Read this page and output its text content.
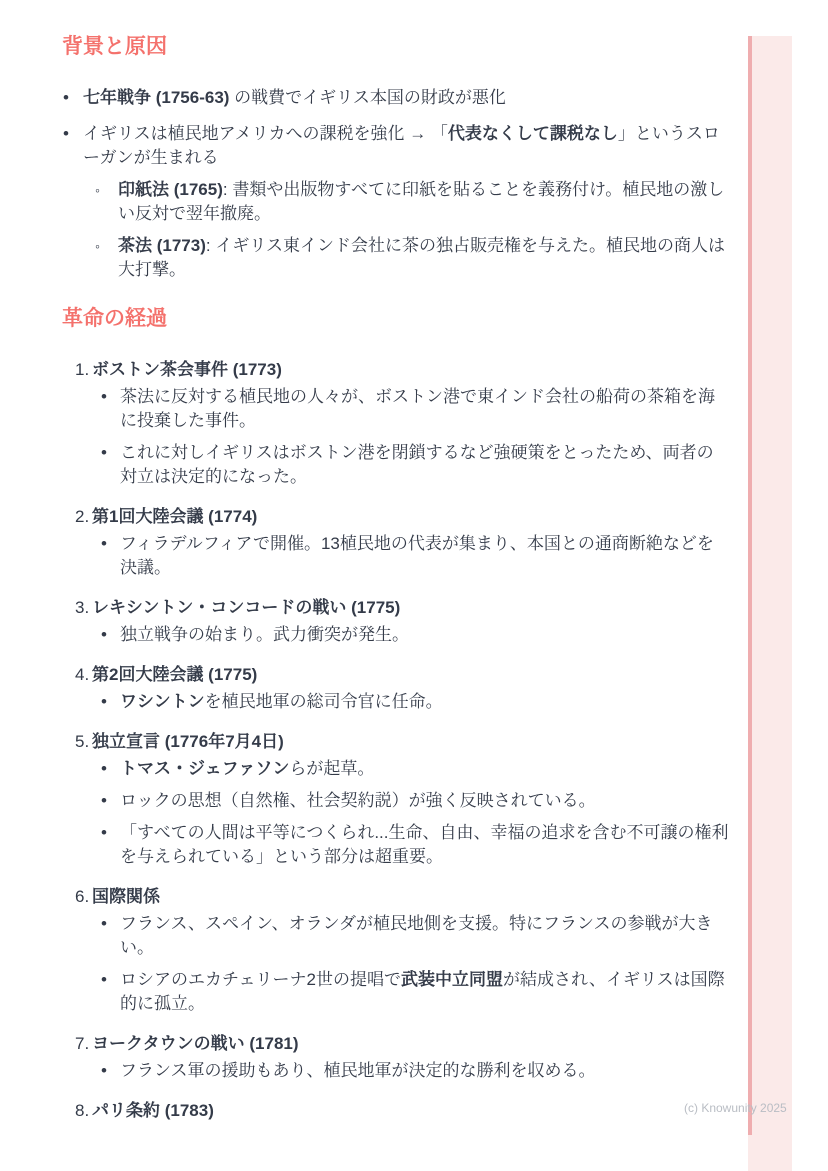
背景と原因
• 七年戦争 (1756-63) の戦費でイギリス本国の財政が悪化
• イギリスは植民地アメリカへの課税を強化 → 「代表なくして課税なし」というスローガンが生まれる
◦ 印紙法 (1765): 書類や出版物すべてに印紙を貼ることを義務付け。植民地の激しい反対で翌年撤廃。
◦ 茶法 (1773): イギリス東インド会社に茶の独占販売権を与えた。植民地の商人は大打撃。
革命の経過
1. ボストン茶会事件 (1773)
• 茶法に反対する植民地の人々が、ボストン港で東インド会社の船荷の茶箱を海に投棄した事件。
• これに対しイギリスはボストン港を閉鎖するなど強硬策をとったため、両者の対立は決定的になった。
2. 第1回大陸会議 (1774)
• フィラデルフィアで開催。13植民地の代表が集まり、本国との通商断絶などを決議。
3. レキシントン・コンコードの戦い (1775)
• 独立戦争の始まり。武力衝突が発生。
4. 第2回大陸会議 (1775)
• ワシントンを植民地軍の総司令官に任命。
5. 独立宣言 (1776年7月4日)
• トマス・ジェファソンらが起草。
• ロックの思想（自然権、社会契約説）が強く反映されている。
• 「すべての人間は平等につくられ...生命、自由、幸福の追求を含む不可譲の権利を与えられている」という部分は超重要。
6. 国際関係
• フランス、スペイン、オランダが植民地側を支援。特にフランスの参戦が大きい。
• ロシアのエカチェリーナ2世の提唱で武装中立同盟が結成され、イギリスは国際的に孤立。
7. ヨークタウンの戦い (1781)
• フランス軍の援助もあり、植民地軍が決定的な勝利を収める。
8. パリ条約 (1783)	(c) Knowunity 2025
